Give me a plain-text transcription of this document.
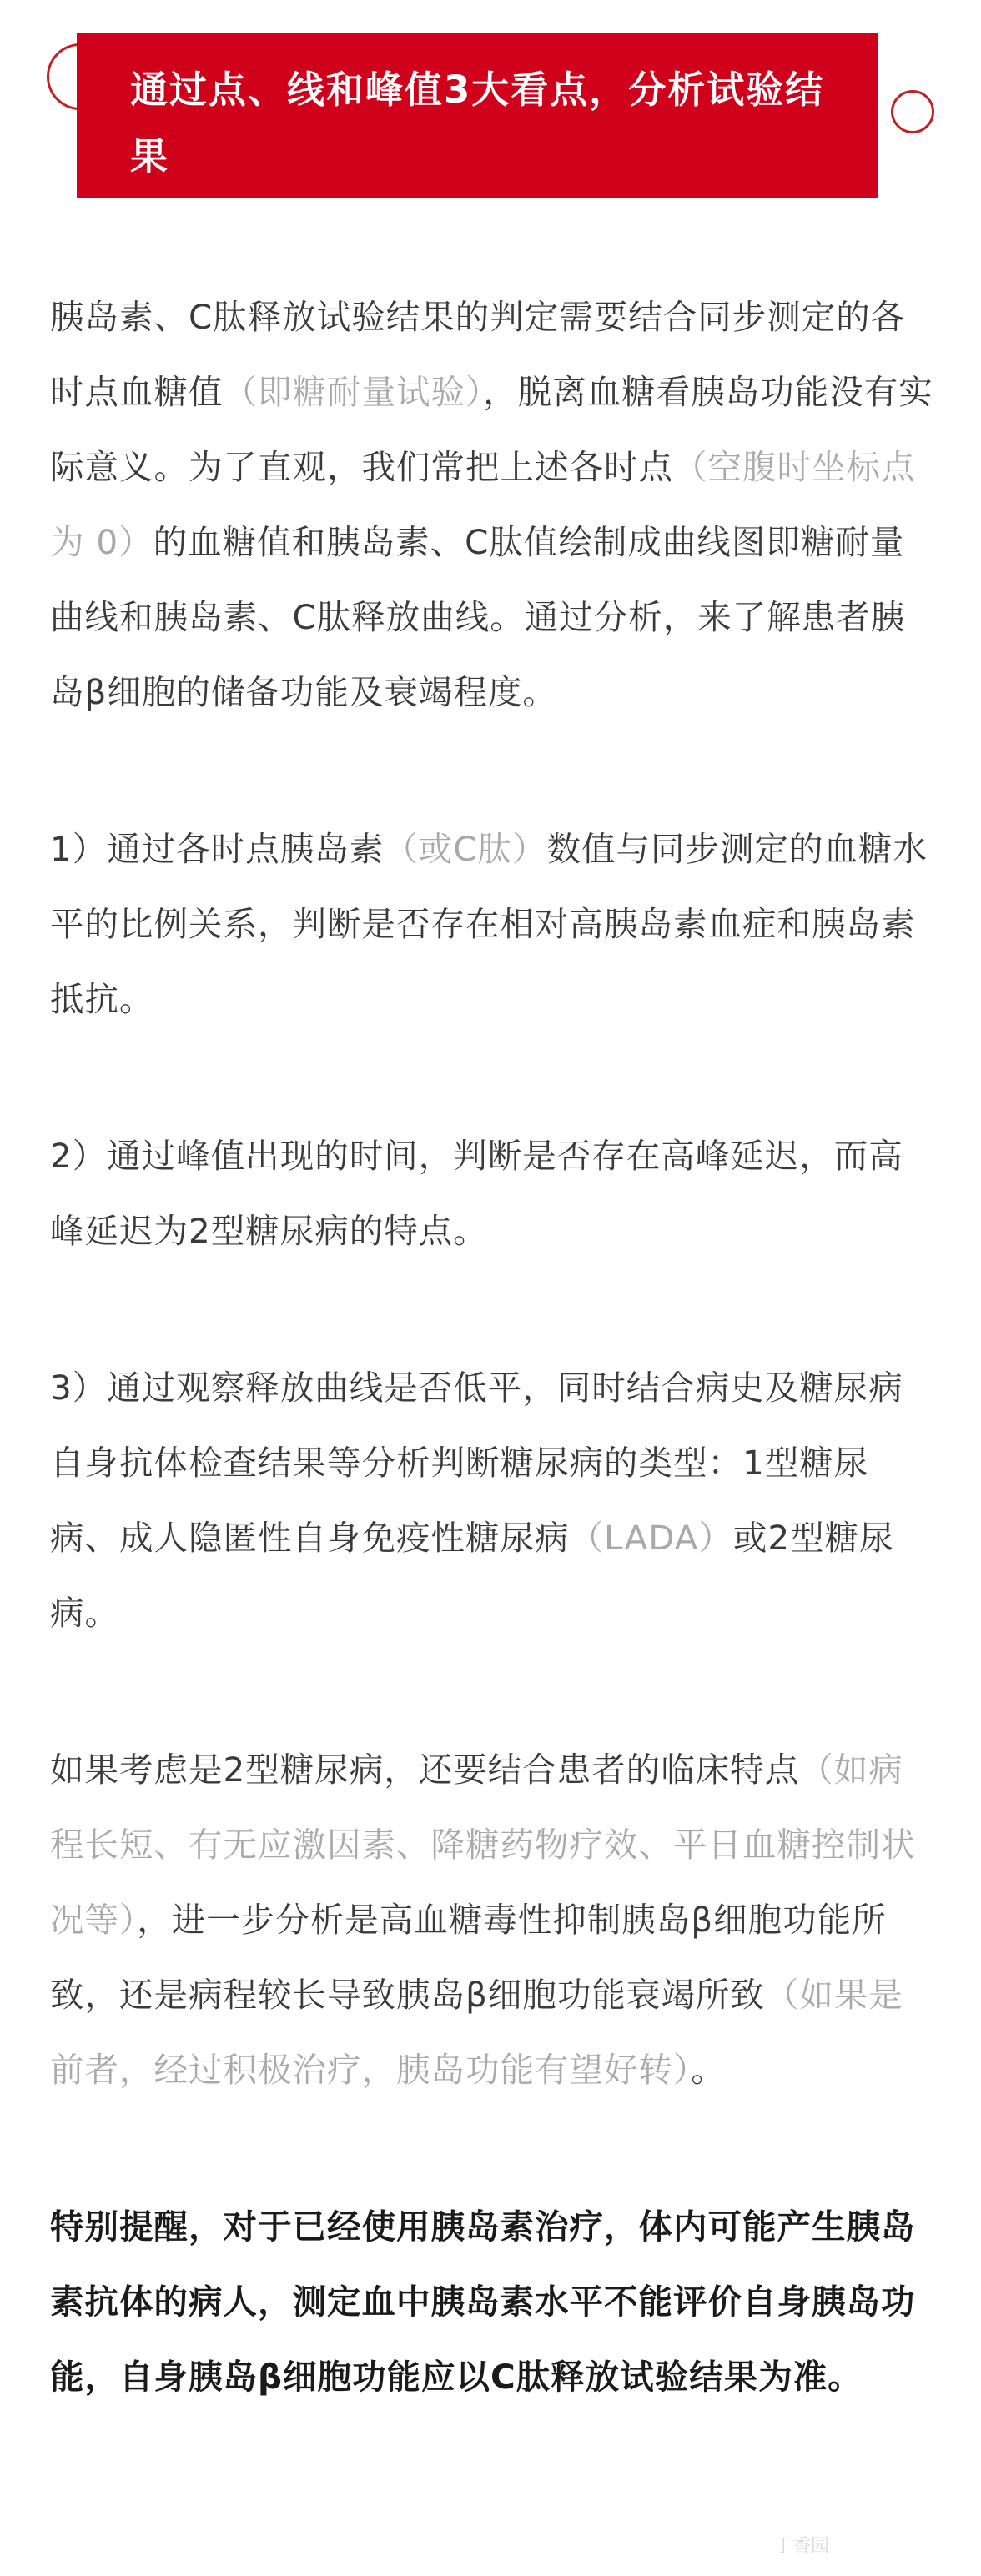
通过点、线和峰值3大看点，分析试验结果

胰岛素、C肽释放试验结果的判定需要结合同步测定的各时点血糖值（即糖耐量试验），脱离血糖看胰岛功能没有实际意义。为了直观，我们常把上述各时点（空腹时坐标点为 0）的血糖值和胰岛素、C肽值绘制成曲线图即糖耐量曲线和胰岛素、C肽释放曲线。通过分析，来了解患者胰岛β细胞的储备功能及衰竭程度。

1）通过各时点胰岛素（或C肽）数值与同步测定的血糖水平的比例关系，判断是否存在相对高胰岛素血症和胰岛素抵抗。

2）通过峰值出现的时间，判断是否存在高峰延迟，而高峰延迟为2型糖尿病的特点。

3）通过观察释放曲线是否低平，同时结合病史及糖尿病自身抗体检查结果等分析判断糖尿病的类型：1型糖尿病、成人隐匿性自身免疫性糖尿病（LADA）或2型糖尿病。

如果考虑是2型糖尿病，还要结合患者的临床特点（如病程长短、有无应激因素、降糖药物疗效、平日血糖控制状况等），进一步分析是高血糖毒性抑制胰岛β细胞功能所致，还是病程较长导致胰岛β细胞功能衰竭所致（如果是前者，经过积极治疗，胰岛功能有望好转）。

特别提醒，对于已经使用胰岛素治疗，体内可能产生胰岛素抗体的病人，测定血中胰岛素水平不能评价自身胰岛功能，自身胰岛β细胞功能应以C肽释放试验结果为准。

丁香园
